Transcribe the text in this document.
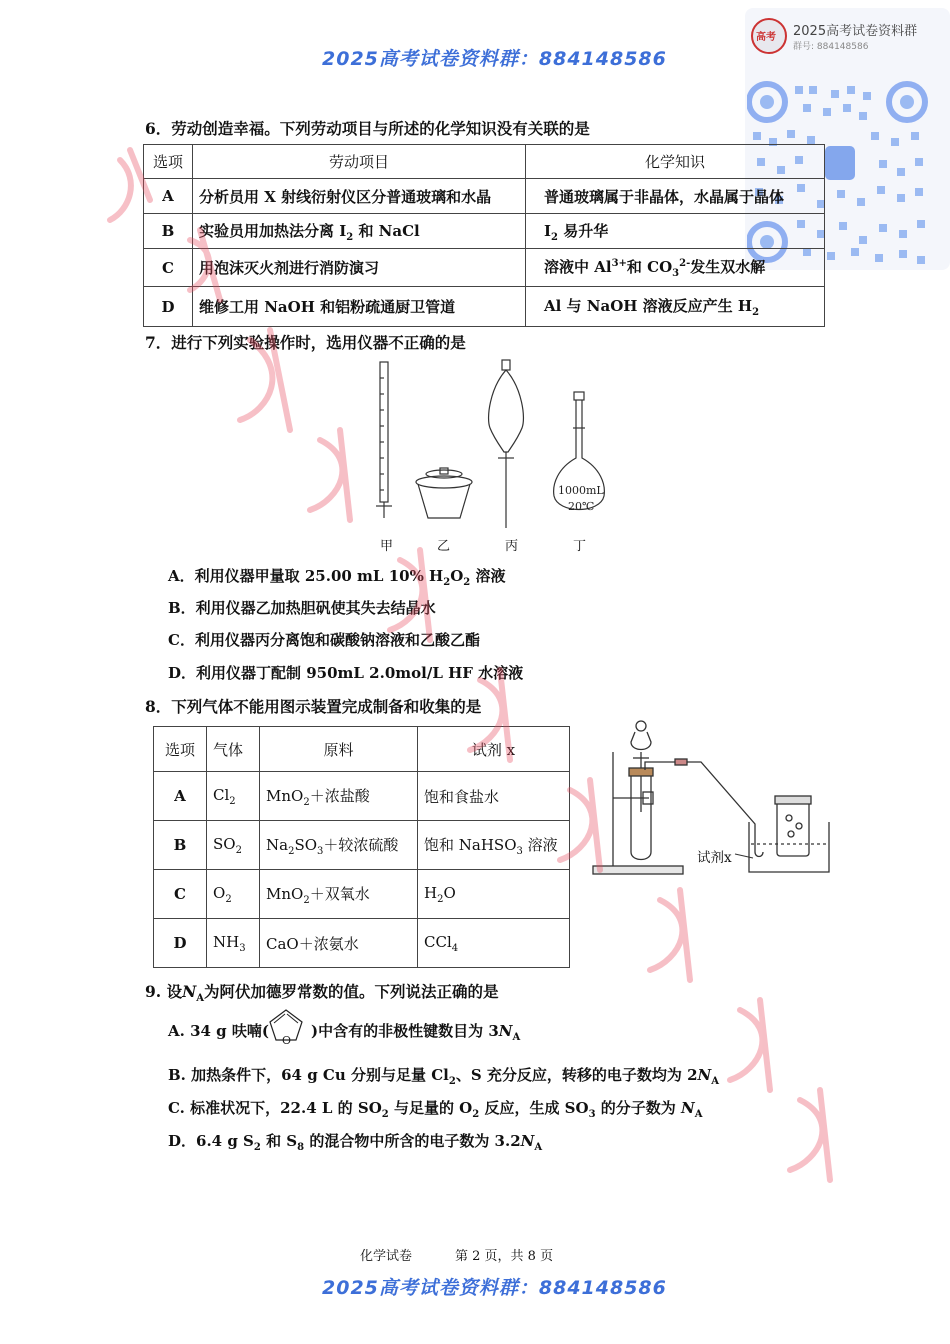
2025高考试卷资料群：884148586
高考 2025高考试卷资料群
群号: 884148586
6．劳动创造幸福。下列劳动项目与所述的化学知识没有关联的是
选项	劳动项目	化学知识
A	分析员用 X 射线衍射仪区分普通玻璃和水晶	普通玻璃属于非晶体，水晶属于晶体
B	实验员用加热法分离 $I_2$ 和 NaCl	$I_2$ 易升华
C	用泡沫灭火剂进行消防演习	溶液中 $Al^{3+}$和 $CO_3^{2-}$发生双水解
D	维修工用 NaOH 和铝粉疏通厨卫管道	Al 与 NaOH 溶液反应产生 $H_2$
7．进行下列实验操作时，选用仪器不正确的是
1000mL
20℃
甲	乙	丙	丁
A．利用仪器甲量取 25.00 mL 10% $H_2O_2$ 溶液
B．利用仪器乙加热胆矾使其失去结晶水
C．利用仪器丙分离饱和碳酸钠溶液和乙酸乙酯
D．利用仪器丁配制 950mL 2.0mol/L HF 水溶液
8．下列气体不能用图示装置完成制备和收集的是
选项	气体	原料	试剂 x
A	$Cl_2$	MnO$_2$＋浓盐酸	饱和食盐水
B	$SO_2$	$Na_2SO_3+$较浓硫酸	饱和 NaHSO$_3$ 溶液
C	$O_2$	MnO$_2$＋双氧水	$H_2O$
D	$NH_3$	CaO＋浓氨水	CCl$_4$
试剂x
9. 设$N_A$为阿伏加德罗常数的值。下列说法正确的是
A. 34 g 呋喃(	)中含有的非极性键数目为 $3N_A$
O
B. 加热条件下，64 g Cu 分别与足量 $Cl_2$、S 充分反应，转移的电子数均为 $2N_A$
C. 标准状况下，22.4 L 的 $SO_2$ 与足量的 $O_2$ 反应，生成 $SO_3$ 的分子数为 $N_A$
D．6.4 g $S_2$ 和 $S_8$ 的混合物中所含的电子数为 $3.2N_A$
化学试卷	第 2 页，共 8 页
2025高考试卷资料群：884148586
